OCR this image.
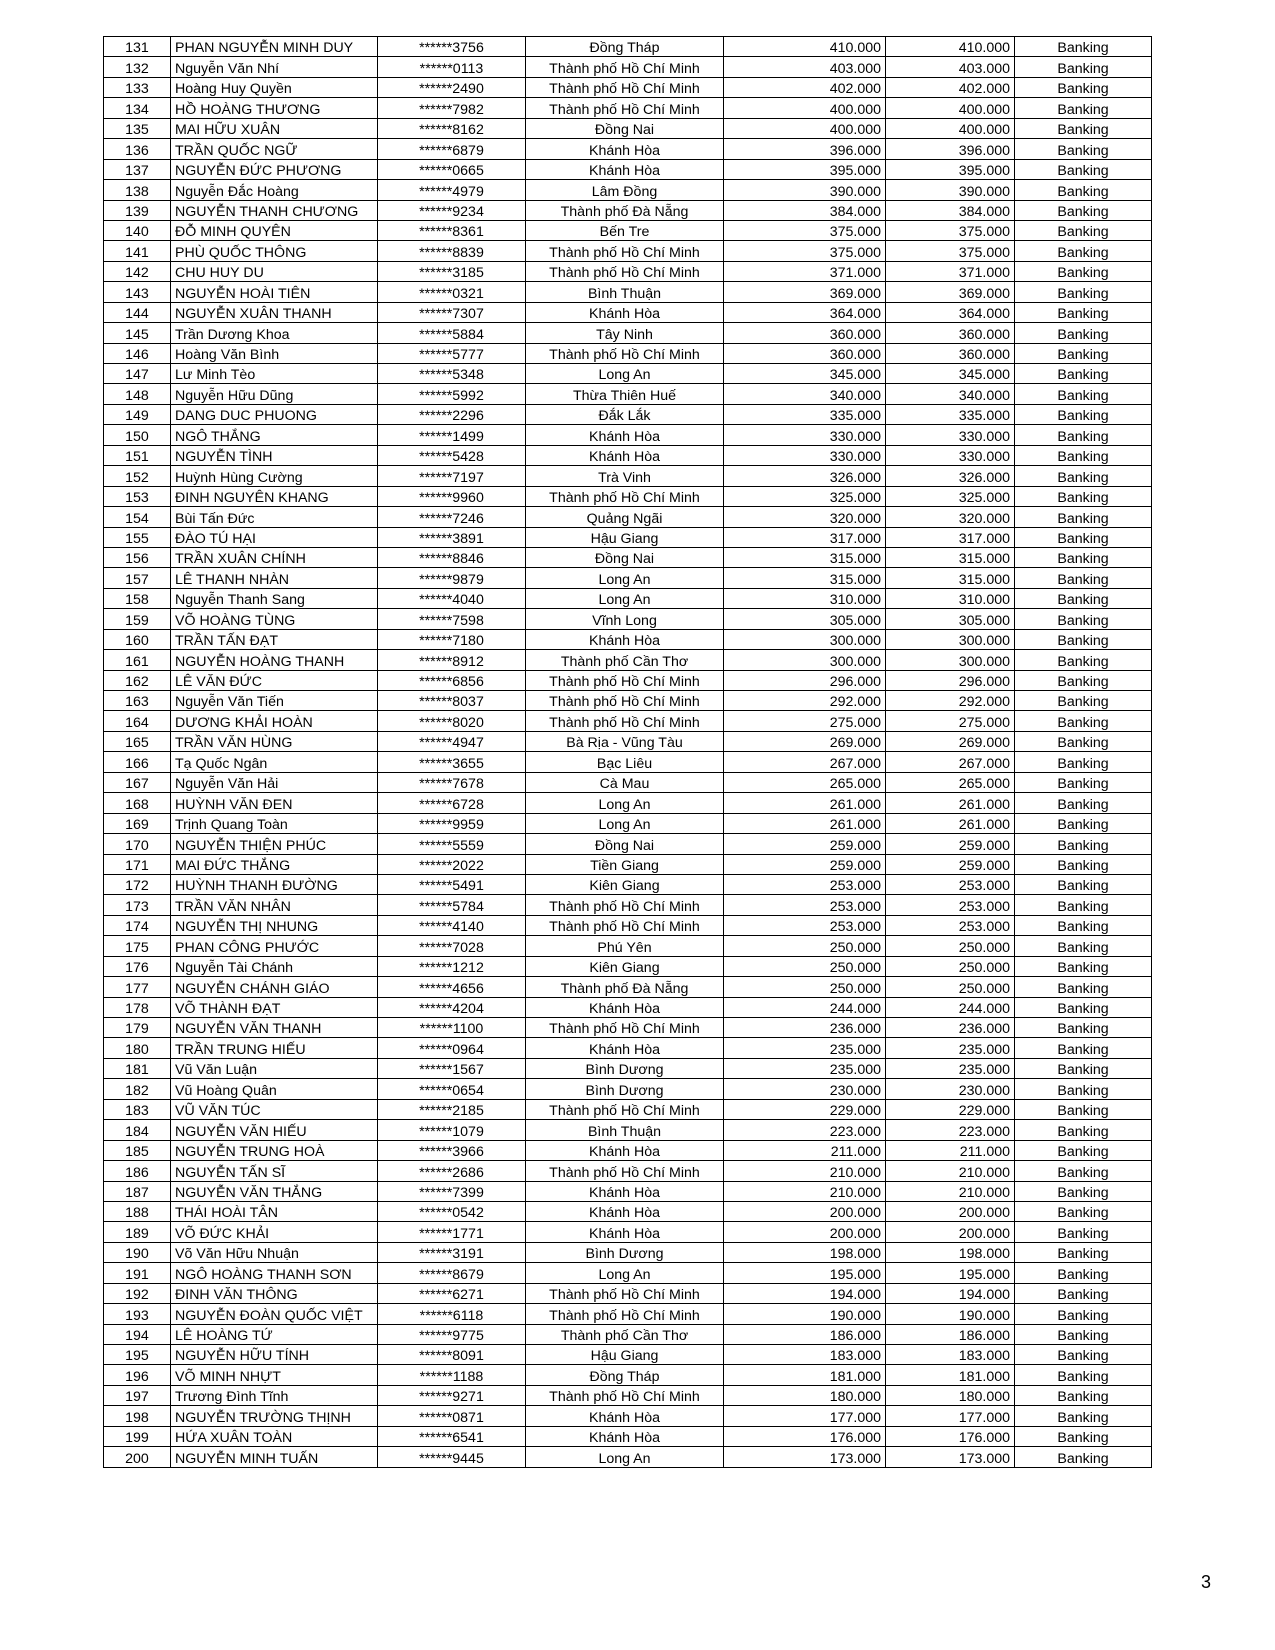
131	PHAN NGUYỄN MINH DUY	******3756	Đồng Tháp	410.000	410.000	Banking
132	Nguyễn Văn Nhí	******0113	Thành phố Hồ Chí Minh	403.000	403.000	Banking
133	Hoàng Huy Quyền	******2490	Thành phố Hồ Chí Minh	402.000	402.000	Banking
134	HỒ HOÀNG THƯƠNG	******7982	Thành phố Hồ Chí Minh	400.000	400.000	Banking
135	MAI HỮU XUÂN	******8162	Đồng Nai	400.000	400.000	Banking
136	TRẦN QUỐC NGỮ	******6879	Khánh Hòa	396.000	396.000	Banking
137	NGUYỄN ĐỨC PHƯƠNG	******0665	Khánh Hòa	395.000	395.000	Banking
138	Nguyễn Đắc Hoàng	******4979	Lâm Đồng	390.000	390.000	Banking
139	NGUYỄN THANH CHƯƠNG	******9234	Thành phố Đà Nẵng	384.000	384.000	Banking
140	ĐỖ MINH QUYÊN	******8361	Bến Tre	375.000	375.000	Banking
141	PHÙ QUỐC THÔNG	******8839	Thành phố Hồ Chí Minh	375.000	375.000	Banking
142	CHU HUY DU	******3185	Thành phố Hồ Chí Minh	371.000	371.000	Banking
143	NGUYỄN HOÀI TIÊN	******0321	Bình Thuận	369.000	369.000	Banking
144	NGUYỄN XUÂN THANH	******7307	Khánh Hòa	364.000	364.000	Banking
145	Trần Dương Khoa	******5884	Tây Ninh	360.000	360.000	Banking
146	Hoàng Văn Bình	******5777	Thành phố Hồ Chí Minh	360.000	360.000	Banking
147	Lư Minh Tèo	******5348	Long An	345.000	345.000	Banking
148	Nguyễn Hữu Dũng	******5992	Thừa Thiên Huế	340.000	340.000	Banking
149	DANG DUC PHUONG	******2296	Đắk Lắk	335.000	335.000	Banking
150	NGÔ THẮNG	******1499	Khánh Hòa	330.000	330.000	Banking
151	NGUYỄN TÌNH	******5428	Khánh Hòa	330.000	330.000	Banking
152	Huỳnh Hùng Cường	******7197	Trà Vinh	326.000	326.000	Banking
153	ĐINH NGUYÊN KHANG	******9960	Thành phố Hồ Chí Minh	325.000	325.000	Banking
154	Bùi Tấn Đức	******7246	Quảng Ngãi	320.000	320.000	Banking
155	ĐÀO TÚ HẠI	******3891	Hậu Giang	317.000	317.000	Banking
156	TRẦN XUÂN CHÍNH	******8846	Đồng Nai	315.000	315.000	Banking
157	LÊ THANH NHÀN	******9879	Long An	315.000	315.000	Banking
158	Nguyễn Thanh Sang	******4040	Long An	310.000	310.000	Banking
159	VÕ HOÀNG TÙNG	******7598	Vĩnh Long	305.000	305.000	Banking
160	TRẦN TẤN ĐẠT	******7180	Khánh Hòa	300.000	300.000	Banking
161	NGUYỄN HOÀNG THANH	******8912	Thành phố Cần Thơ	300.000	300.000	Banking
162	LÊ VĂN ĐỨC	******6856	Thành phố Hồ Chí Minh	296.000	296.000	Banking
163	Nguyễn Văn Tiến	******8037	Thành phố Hồ Chí Minh	292.000	292.000	Banking
164	DƯƠNG KHẢI HOÀN	******8020	Thành phố Hồ Chí Minh	275.000	275.000	Banking
165	TRẦN VĂN HÙNG	******4947	Bà Rịa - Vũng Tàu	269.000	269.000	Banking
166	Tạ Quốc Ngân	******3655	Bạc Liêu	267.000	267.000	Banking
167	Nguyễn Văn Hải	******7678	Cà Mau	265.000	265.000	Banking
168	HUỲNH VĂN ĐEN	******6728	Long An	261.000	261.000	Banking
169	Trịnh Quang Toàn	******9959	Long An	261.000	261.000	Banking
170	NGUYỄN THIỆN PHÚC	******5559	Đồng Nai	259.000	259.000	Banking
171	MAI ĐỨC THẮNG	******2022	Tiền Giang	259.000	259.000	Banking
172	HUỲNH THANH ĐƯỜNG	******5491	Kiên Giang	253.000	253.000	Banking
173	TRẦN VĂN NHÂN	******5784	Thành phố Hồ Chí Minh	253.000	253.000	Banking
174	NGUYỄN THỊ NHUNG	******4140	Thành phố Hồ Chí Minh	253.000	253.000	Banking
175	PHAN CÔNG PHƯỚC	******7028	Phú Yên	250.000	250.000	Banking
176	Nguyễn Tài Chánh	******1212	Kiên Giang	250.000	250.000	Banking
177	NGUYỄN CHÁNH GIÁO	******4656	Thành phố Đà Nẵng	250.000	250.000	Banking
178	VÕ THÀNH ĐẠT	******4204	Khánh Hòa	244.000	244.000	Banking
179	NGUYỄN VĂN THANH	******1100	Thành phố Hồ Chí Minh	236.000	236.000	Banking
180	TRẦN TRUNG HIẾU	******0964	Khánh Hòa	235.000	235.000	Banking
181	Vũ Văn Luận	******1567	Bình Dương	235.000	235.000	Banking
182	Vũ Hoàng Quân	******0654	Bình Dương	230.000	230.000	Banking
183	VŨ VĂN TÚC	******2185	Thành phố Hồ Chí Minh	229.000	229.000	Banking
184	NGUYỄN VĂN HIẾU	******1079	Bình Thuận	223.000	223.000	Banking
185	NGUYỄN TRUNG HOÀ	******3966	Khánh Hòa	211.000	211.000	Banking
186	NGUYỄN TẤN SĨ	******2686	Thành phố Hồ Chí Minh	210.000	210.000	Banking
187	NGUYỄN VĂN THẮNG	******7399	Khánh Hòa	210.000	210.000	Banking
188	THÁI HOÀI TÂN	******0542	Khánh Hòa	200.000	200.000	Banking
189	VÕ ĐỨC KHẢI	******1771	Khánh Hòa	200.000	200.000	Banking
190	Võ Văn Hữu Nhuận	******3191	Bình Dương	198.000	198.000	Banking
191	NGÔ HOÀNG THANH SƠN	******8679	Long An	195.000	195.000	Banking
192	ĐINH VĂN THÔNG	******6271	Thành phố Hồ Chí Minh	194.000	194.000	Banking
193	NGUYỄN ĐOÀN QUỐC VIỆT	******6118	Thành phố Hồ Chí Minh	190.000	190.000	Banking
194	LÊ HOÀNG TỨ	******9775	Thành phố Cần Thơ	186.000	186.000	Banking
195	NGUYỄN HỮU TÍNH	******8091	Hậu Giang	183.000	183.000	Banking
196	VÕ MINH NHỰT	******1188	Đồng Tháp	181.000	181.000	Banking
197	Trương Đình Tĩnh	******9271	Thành phố Hồ Chí Minh	180.000	180.000	Banking
198	NGUYỄN TRƯỜNG THỊNH	******0871	Khánh Hòa	177.000	177.000	Banking
199	HỨA XUÂN TOÀN	******6541	Khánh Hòa	176.000	176.000	Banking
200	NGUYỄN MINH TUẤN	******9445	Long An	173.000	173.000	Banking
3
